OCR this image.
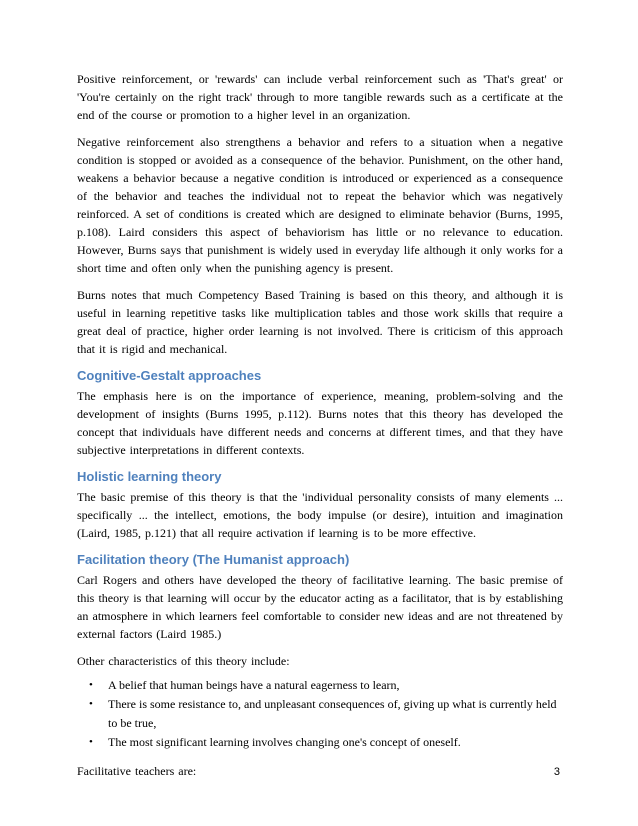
Positive reinforcement, or 'rewards' can include verbal reinforcement such as 'That's great' or 'You're certainly on the right track' through to more tangible rewards such as a certificate at the end of the course or promotion to a higher level in an organization.

Negative reinforcement also strengthens a behavior and refers to a situation when a negative condition is stopped or avoided as a consequence of the behavior. Punishment, on the other hand, weakens a behavior because a negative condition is introduced or experienced as a consequence of the behavior and teaches the individual not to repeat the behavior which was negatively reinforced. A set of conditions is created which are designed to eliminate behavior (Burns, 1995, p.108). Laird considers this aspect of behaviorism has little or no relevance to education. However, Burns says that punishment is widely used in everyday life although it only works for a short time and often only when the punishing agency is present.

Burns notes that much Competency Based Training is based on this theory, and although it is useful in learning repetitive tasks like multiplication tables and those work skills that require a great deal of practice, higher order learning is not involved. There is criticism of this approach that it is rigid and mechanical.

Cognitive-Gestalt approaches

The emphasis here is on the importance of experience, meaning, problem-solving and the development of insights (Burns 1995, p.112). Burns notes that this theory has developed the concept that individuals have different needs and concerns at different times, and that they have subjective interpretations in different contexts.

Holistic learning theory

The basic premise of this theory is that the 'individual personality consists of many elements ... specifically ... the intellect, emotions, the body impulse (or desire), intuition and imagination (Laird, 1985, p.121) that all require activation if learning is to be more effective.

Facilitation theory (The Humanist approach)

Carl Rogers and others have developed the theory of facilitative learning. The basic premise of this theory is that learning will occur by the educator acting as a facilitator, that is by establishing an atmosphere in which learners feel comfortable to consider new ideas and are not threatened by external factors (Laird 1985.)

Other characteristics of this theory include:

• A belief that human beings have a natural eagerness to learn,
• There is some resistance to, and unpleasant consequences of, giving up what is currently held to be true,
• The most significant learning involves changing one's concept of oneself.

Facilitative teachers are:	3
